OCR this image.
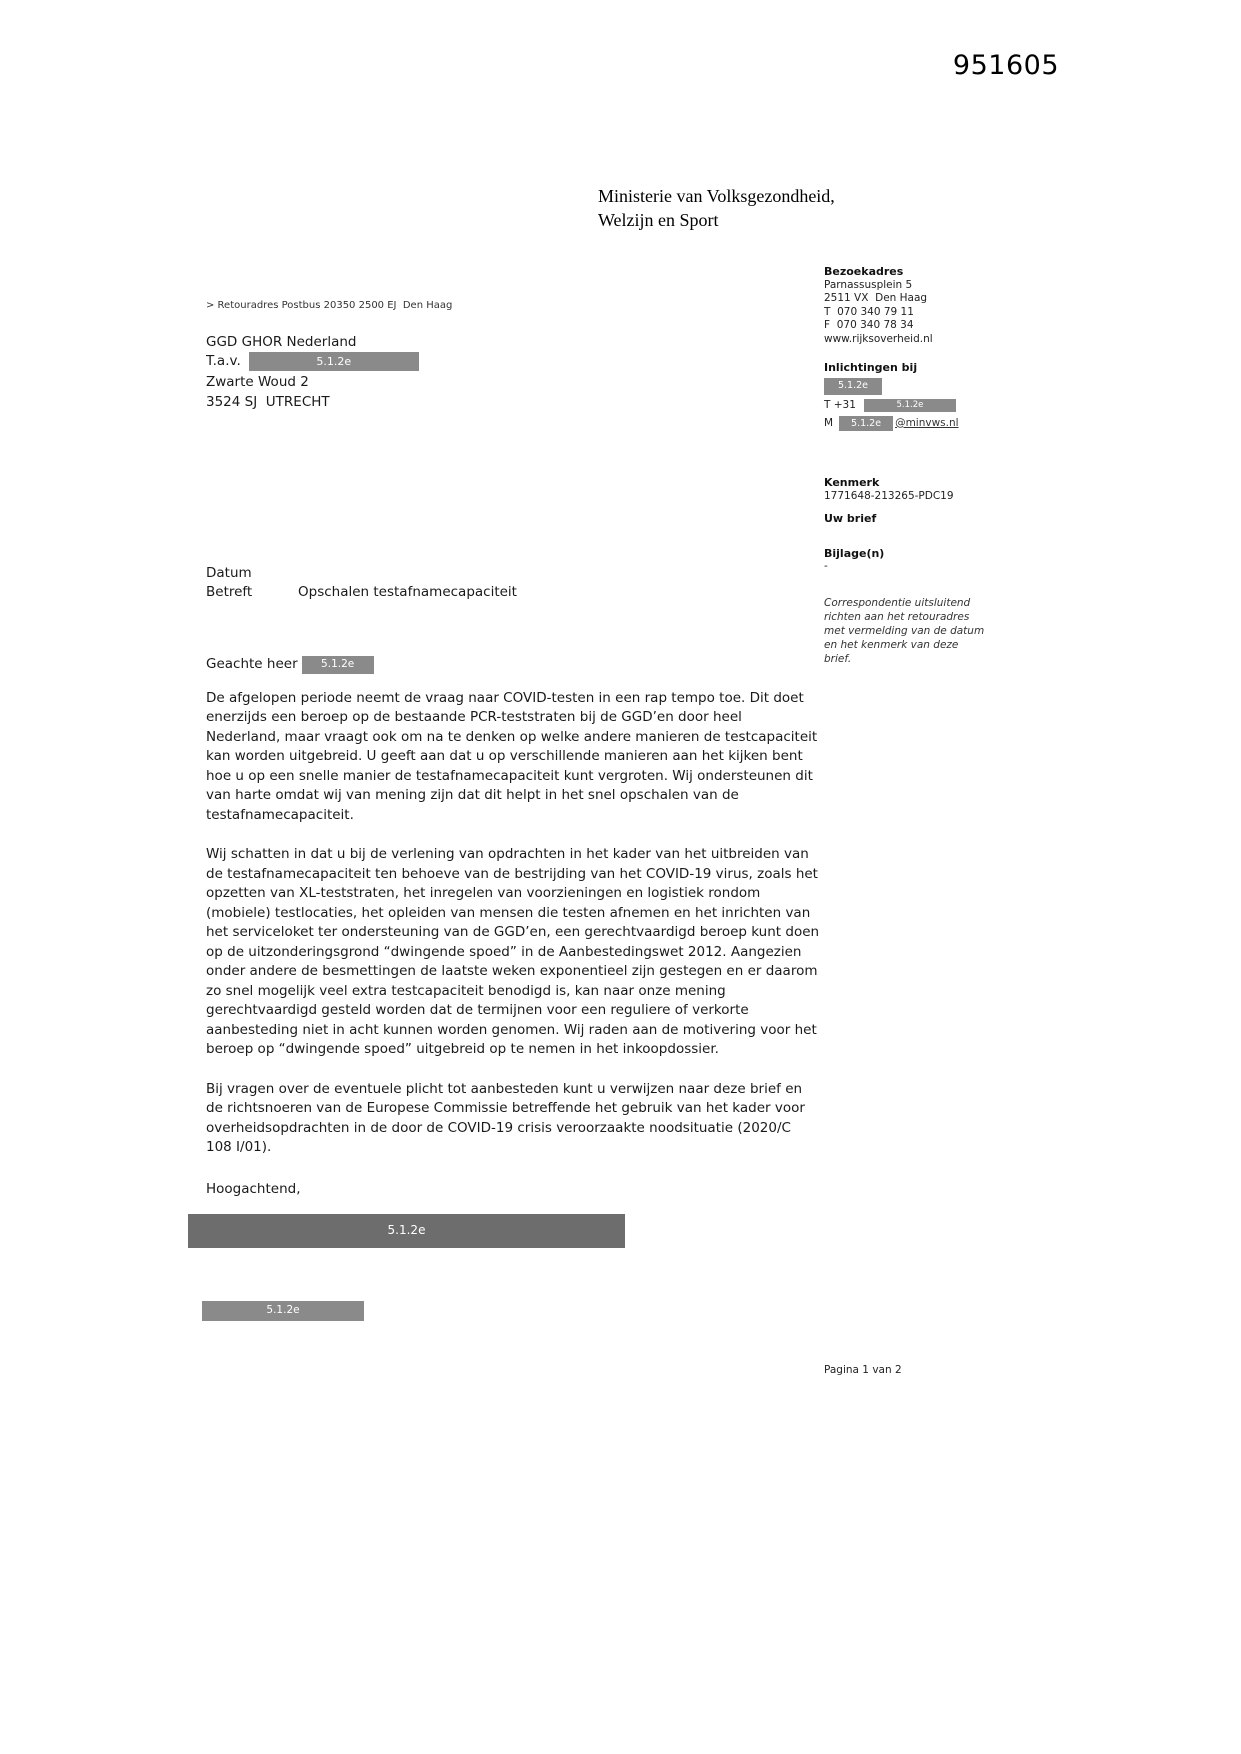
951605
Ministerie van Volksgezondheid,
Welzijn en Sport
Bezoekadres
Parnassusplein 5
2511 VX  Den Haag
T  070 340 79 11
F  070 340 78 34
www.rijksoverheid.nl
Inlichtingen bij
5.1.2e
T +31	5.1.2e
M	5.1.2e	@minvws.nl
Kenmerk
1771648-213265-PDC19
Uw brief
Bijlage(n)
-
Correspondentie uitsluitend richten aan het retouradres met vermelding van de datum en het kenmerk van deze brief.
> Retouradres Postbus 20350 2500 EJ  Den Haag
GGD GHOR Nederland
T.a.v.	5.1.2e
Zwarte Woud 2
3524 SJ  UTRECHT
Datum
Betreft	Opschalen testafnamecapaciteit
Geachte heer	5.1.2e
De afgelopen periode neemt de vraag naar COVID-testen in een rap tempo toe. Dit doet enerzijds een beroep op de bestaande PCR-teststraten bij de GGD’en door heel Nederland, maar vraagt ook om na te denken op welke andere manieren de testcapaciteit kan worden uitgebreid. U geeft aan dat u op verschillende manieren aan het kijken bent hoe u op een snelle manier de testafnamecapaciteit kunt vergroten. Wij ondersteunen dit van harte omdat wij van mening zijn dat dit helpt in het snel opschalen van de testafnamecapaciteit.
Wij schatten in dat u bij de verlening van opdrachten in het kader van het uitbreiden van de testafnamecapaciteit ten behoeve van de bestrijding van het COVID-19 virus, zoals het opzetten van XL-teststraten, het inregelen van voorzieningen en logistiek rondom (mobiele) testlocaties, het opleiden van mensen die testen afnemen en het inrichten van het serviceloket ter ondersteuning van de GGD’en, een gerechtvaardigd beroep kunt doen op de uitzonderingsgrond “dwingende spoed” in de Aanbestedingswet 2012. Aangezien onder andere de besmettingen de laatste weken exponentieel zijn gestegen en er daarom zo snel mogelijk veel extra testcapaciteit benodigd is, kan naar onze mening gerechtvaardigd gesteld worden dat de termijnen voor een reguliere of verkorte aanbesteding niet in acht kunnen worden genomen. Wij raden aan de motivering voor het beroep op “dwingende spoed” uitgebreid op te nemen in het inkoopdossier.
Bij vragen over de eventuele plicht tot aanbesteden kunt u verwijzen naar deze brief en de richtsnoeren van de Europese Commissie betreffende het gebruik van het kader voor overheidsopdrachten in de door de COVID-19 crisis veroorzaakte noodsituatie (2020/C 108 I/01).
Hoogachtend,
5.1.2e
5.1.2e
Pagina 1 van 2
